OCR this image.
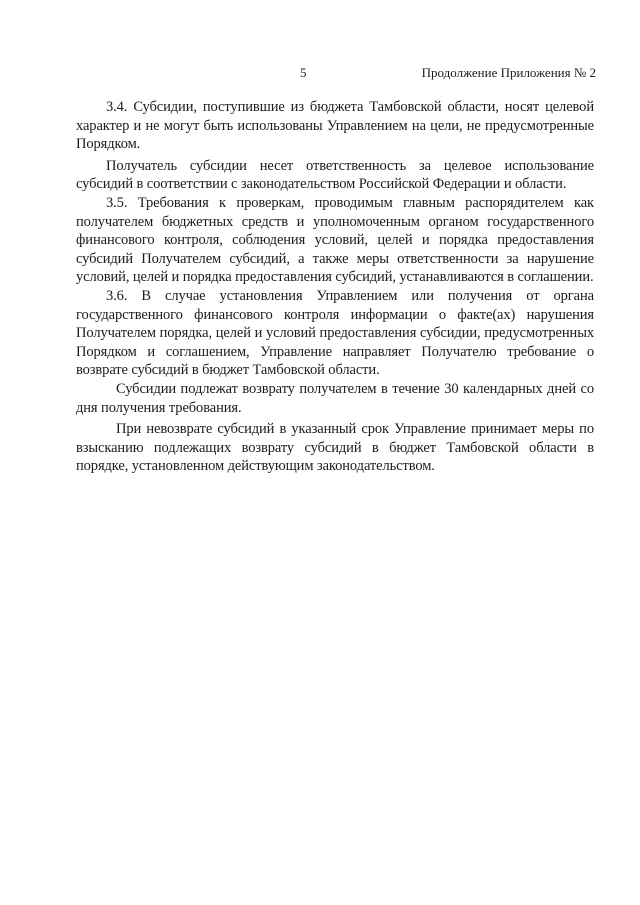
5	Продолжение Приложения № 2

3.4. Субсидии, поступившие из бюджета Тамбовской области, носят целевой характер и не могут быть использованы Управлением на цели, не предусмотренные Порядком.

Получатель субсидии несет ответственность за целевое использование субсидий в соответствии с законодательством Российской Федерации и области.

3.5. Требования к проверкам, проводимым главным распорядителем как получателем бюджетных средств и уполномоченным органом государственного финансового контроля, соблюдения условий, целей и порядка предоставления субсидий Получателем субсидий, а также меры ответственности за нарушение условий, целей и порядка предоставления субсидий, устанавливаются в соглашении.

3.6. В случае установления Управлением или получения от органа государственного финансового контроля информации о факте(ах) нарушения Получателем порядка, целей и условий предоставления субсидии, предусмотренных Порядком и соглашением, Управление направляет Получателю требование о возврате субсидий в бюджет Тамбовской области.

Субсидии подлежат возврату получателем в течение 30 календарных дней со дня получения требования.

При невозврате субсидий в указанный срок Управление принимает меры по взысканию подлежащих возврату субсидий в бюджет Тамбовской области в порядке, установленном действующим законодательством.
